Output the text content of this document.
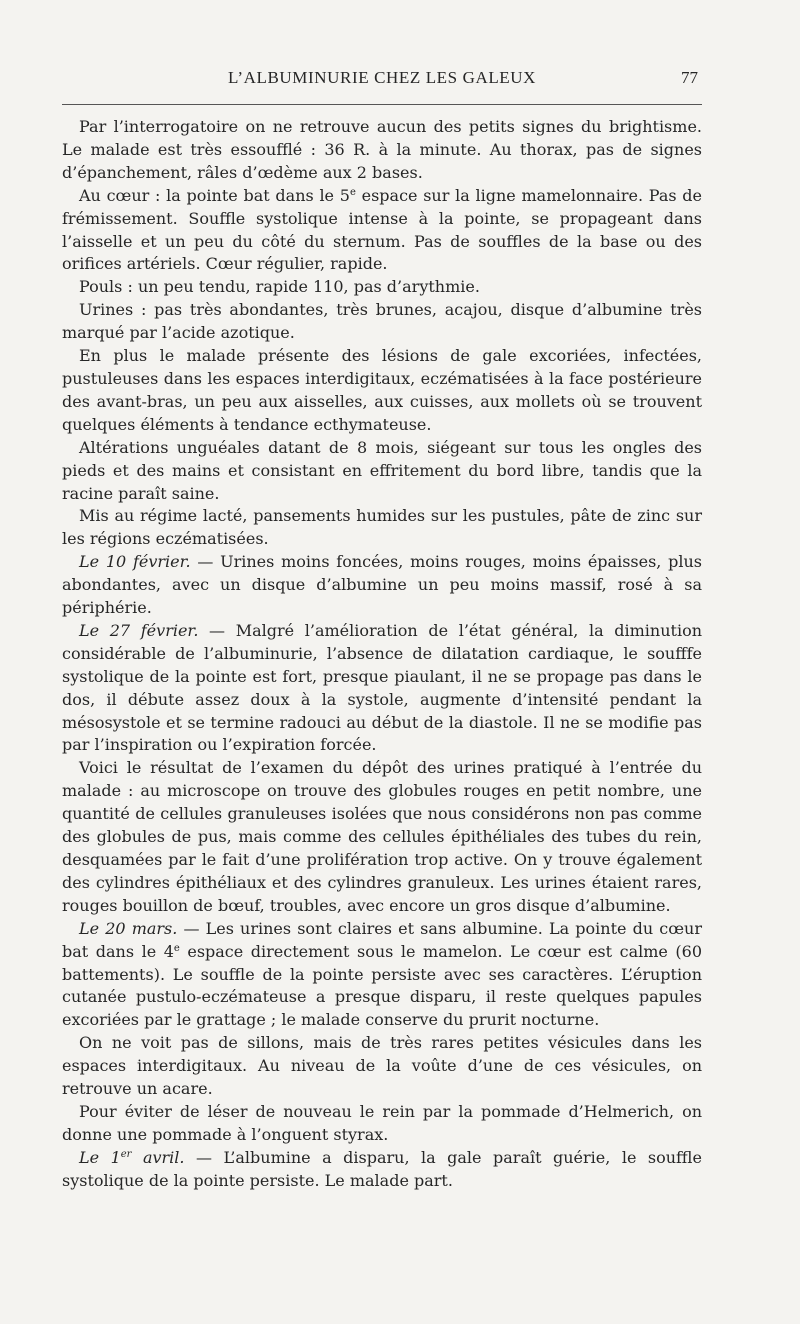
L’ALBUMINURIE CHEZ LES GALEUX	77

Par l’interrogatoire on ne retrouve aucun des petits signes du brightisme. Le malade est très essoufflé : 36 R. à la minute. Au thorax, pas de signes d’épanchement, râles d’œdème aux 2 bases.

Au cœur : la pointe bat dans le 5e espace sur la ligne mamelonnaire. Pas de frémissement. Souffle systolique intense à la pointe, se propageant dans l’aisselle et un peu du côté du sternum. Pas de souffles de la base ou des orifices artériels. Cœur régulier, rapide.

Pouls : un peu tendu, rapide 110, pas d’arythmie.

Urines : pas très abondantes, très brunes, acajou, disque d’albumine très marqué par l’acide azotique.

En plus le malade présente des lésions de gale excoriées, infectées, pustuleuses dans les espaces interdigitaux, eczématisées à la face postérieure des avant-bras, un peu aux aisselles, aux cuisses, aux mollets où se trouvent quelques éléments à tendance ecthymateuse.

Altérations unguéales datant de 8 mois, siégeant sur tous les ongles des pieds et des mains et consistant en effritement du bord libre, tandis que la racine paraît saine.

Mis au régime lacté, pansements humides sur les pustules, pâte de zinc sur les régions eczématisées.

Le 10 février. — Urines moins foncées, moins rouges, moins épaisses, plus abondantes, avec un disque d’albumine un peu moins massif, rosé à sa périphérie.

Le 27 février. — Malgré l’amélioration de l’état général, la diminution considérable de l’albuminurie, l’absence de dilatation cardiaque, le soufffe systolique de la pointe est fort, presque piaulant, il ne se propage pas dans le dos, il débute assez doux à la systole, augmente d’intensité pendant la mésosystole et se termine radouci au début de la diastole. Il ne se modifie pas par l’inspiration ou l’expiration forcée.

Voici le résultat de l’examen du dépôt des urines pratiqué à l’entrée du malade : au microscope on trouve des globules rouges en petit nombre, une quantité de cellules granuleuses isolées que nous considérons non pas comme des globules de pus, mais comme des cellules épithéliales des tubes du rein, desquamées par le fait d’une prolifération trop active. On y trouve également des cylindres épithéliaux et des cylindres granuleux. Les urines étaient rares, rouges bouillon de bœuf, troubles, avec encore un gros disque d’albumine.

Le 20 mars. — Les urines sont claires et sans albumine. La pointe du cœur bat dans le 4e espace directement sous le mamelon. Le cœur est calme (60 battements). Le souffle de la pointe persiste avec ses caractères. L’éruption cutanée pustulo-eczémateuse a presque disparu, il reste quelques papules excoriées par le grattage ; le malade conserve du prurit nocturne.

On ne voit pas de sillons, mais de très rares petites vésicules dans les espaces interdigitaux. Au niveau de la voûte d’une de ces vésicules, on retrouve un acare.

Pour éviter de léser de nouveau le rein par la pommade d’Helmerich, on donne une pommade à l’onguent styrax.

Le 1er avril. — L’albumine a disparu, la gale paraît guérie, le souffle systolique de la pointe persiste. Le malade part.
